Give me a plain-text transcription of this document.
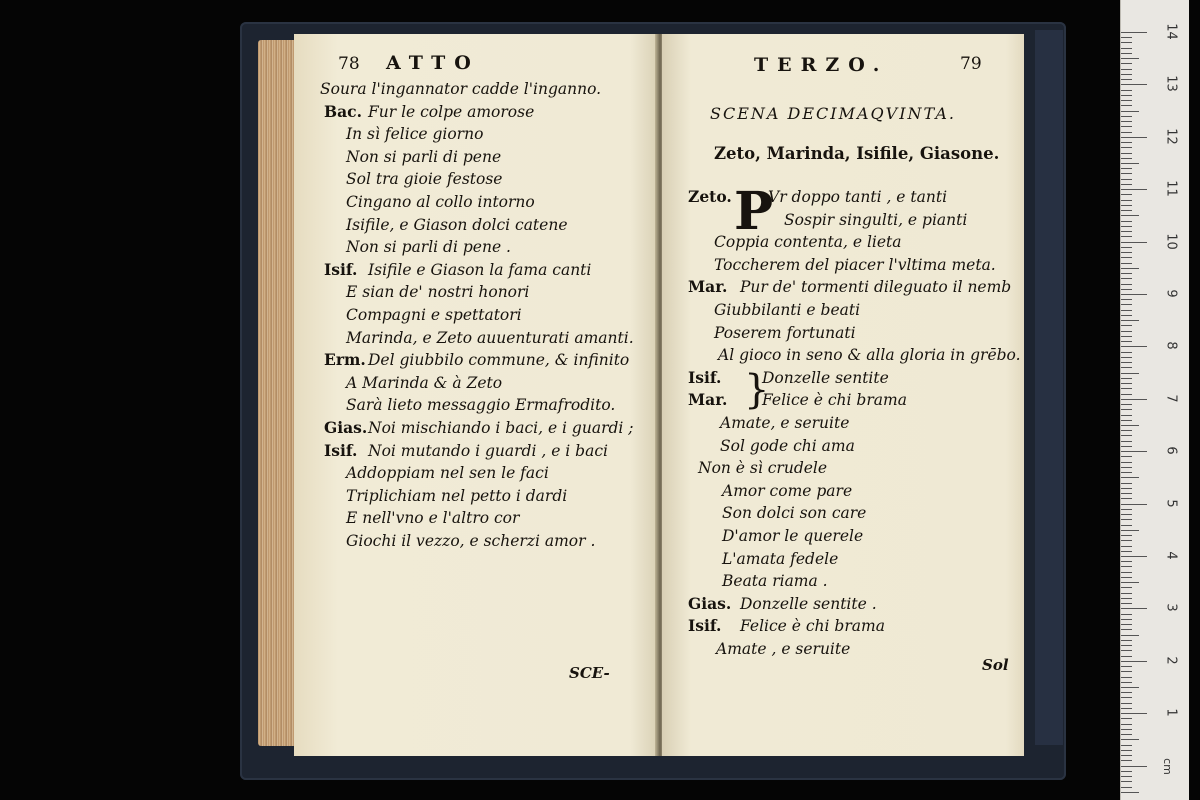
78 ATTO
SCE-
Soura l'ingannator cadde l'inganno.
Bac. Fur le colpe amorose
In sì felice giorno
Non si parli di pene
Sol tra gioie festose
Cingano al collo intorno
Isifile, e Giason dolci catene
Non si parli di pene .
Isif. Isifile e Giason la fama canti
E sian de' nostri honori
Compagni e spettatori
Marinda, e Zeto auuenturati amanti.
Erm. Del giubbilo commune, & infinito
A Marinda & à Zeto
Sarà lieto messaggio Ermafrodito.
Gias. Noi mischiando i baci, e i guardi ;
Isif. Noi mutando i guardi , e i baci
Addoppiam nel sen le faci
Triplichiam nel petto i dardi
E nell'vno e l'altro cor
Giochi il vezzo, e scherzi amor .
TERZO.	79
SCENA DECIMAQVINTA.
Zeto, Marinda, Isifile, Giasone.
P
}
Sol
Zeto. Vr doppo tanti , e tanti
Sospir singulti, e pianti
Coppia contenta, e lieta
Toccherem del piacer l'vltima meta.
Mar. Pur de' tormenti dileguato il nemb
Giubbilanti e beati
Poserem fortunati
Al gioco in seno & alla gloria in grēbo.
Isif.	Donzelle sentite
Mar. Felice è chi brama
Amate, e seruite
Sol gode chi ama
Non è sì crudele
Amor come pare
Son dolci son care
D'amor le querele
L'amata fedele
Beata riama .
Gias. Donzelle sentite .
Isif. Felice è chi brama
Amate , e seruite
cm
14
13
12
11
10
9
8
7
6
5
4
3
2
1
